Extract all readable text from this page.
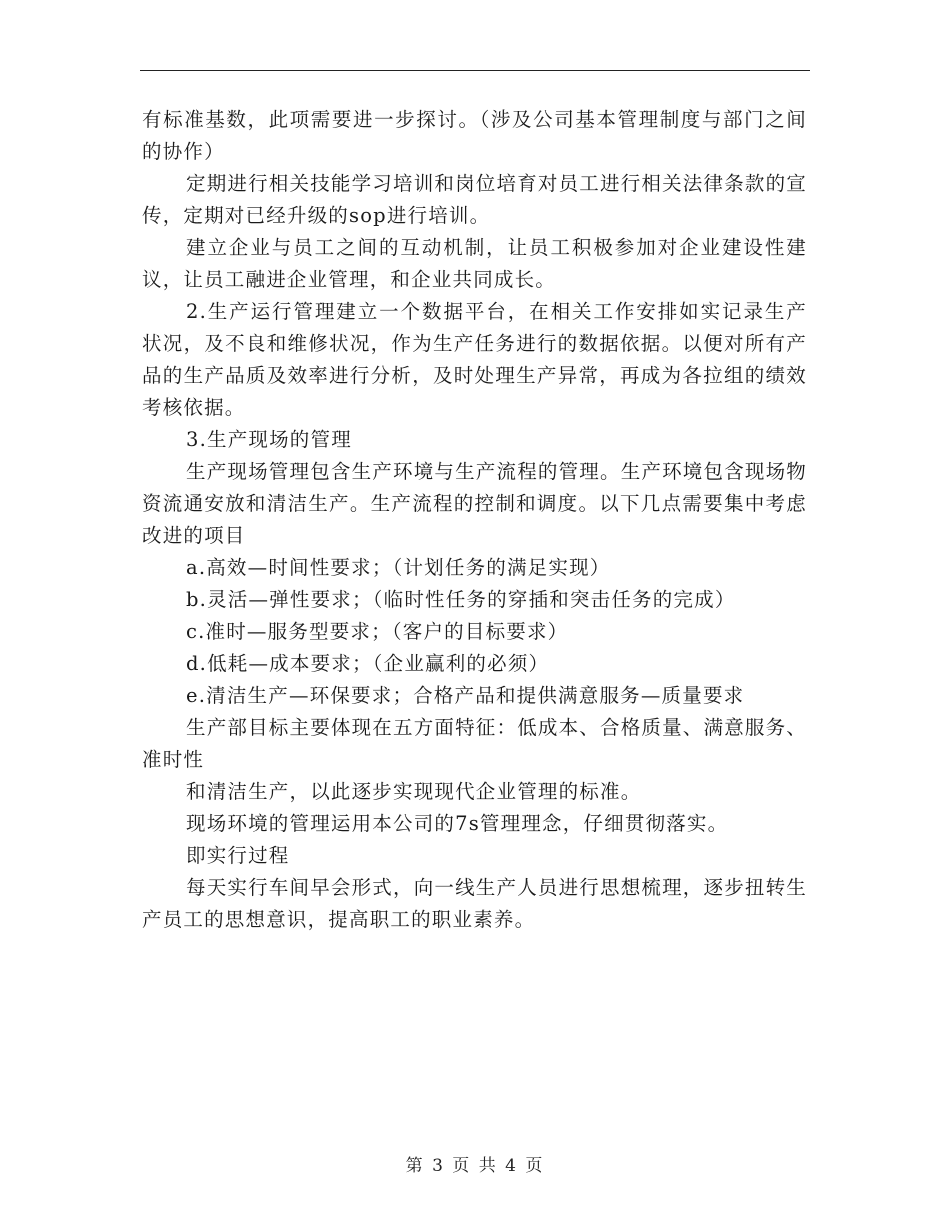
有标准基数，此项需要进一步探讨。（涉及公司基本管理制度与部门之间的协作）

定期进行相关技能学习培训和岗位培育对员工进行相关法律条款的宣传，定期对已经升级的sop进行培训。

建立企业与员工之间的互动机制，让员工积极参加对企业建设性建议，让员工融进企业管理，和企业共同成长。

2.生产运行管理建立一个数据平台，在相关工作安排如实记录生产状况，及不良和维修状况，作为生产任务进行的数据依据。以便对所有产品的生产品质及效率进行分析，及时处理生产异常，再成为各拉组的绩效考核依据。

3.生产现场的管理

生产现场管理包含生产环境与生产流程的管理。生产环境包含现场物资流通安放和清洁生产。生产流程的控制和调度。以下几点需要集中考虑改进的项目

a.高效—时间性要求；（计划任务的满足实现）

b.灵活—弹性要求；（临时性任务的穿插和突击任务的完成）

c.准时—服务型要求；（客户的目标要求）

d.低耗—成本要求；（企业赢利的必须）

e.清洁生产—环保要求；合格产品和提供满意服务—质量要求

生产部目标主要体现在五方面特征：低成本、合格质量、满意服务、准时性

和清洁生产，以此逐步实现现代企业管理的标准。

现场环境的管理运用本公司的7s管理理念，仔细贯彻落实。

即实行过程

每天实行车间早会形式，向一线生产人员进行思想梳理，逐步扭转生产员工的思想意识，提高职工的职业素养。

第 3 页 共 4 页
